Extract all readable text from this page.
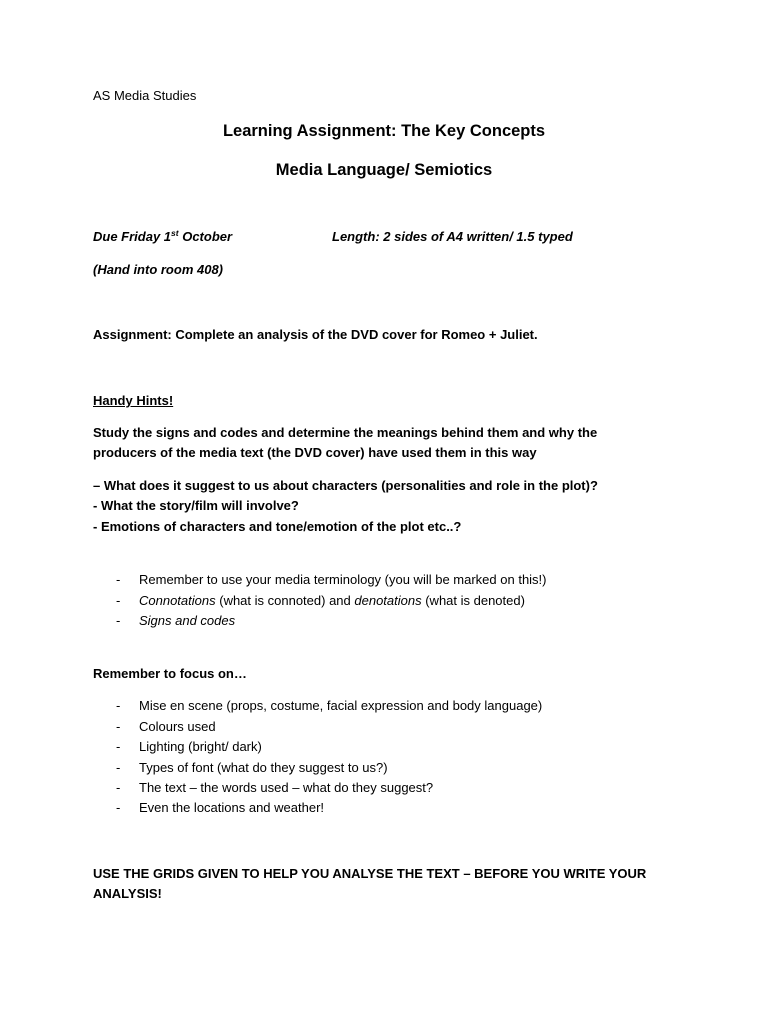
AS Media Studies
Learning Assignment: The Key Concepts
Media Language/ Semiotics
Due Friday 1st October	Length: 2 sides of A4 written/ 1.5 typed
(Hand into room 408)
Assignment: Complete an analysis of the DVD cover for Romeo + Juliet.
Handy Hints!
Study the signs and codes and determine the meanings behind them and why the
producers of the media text (the DVD cover) have used them in this way
– What does it suggest to us about characters (personalities and role in the plot)?
- What the story/film will involve?
- Emotions of characters and tone/emotion of the plot etc..?
- Remember to use your media terminology (you will be marked on this!)
- Connotations (what is connoted) and denotations (what is denoted)
- Signs and codes
Remember to focus on…
- Mise en scene (props, costume, facial expression and body language)
- Colours used
- Lighting (bright/ dark)
- Types of font (what do they suggest to us?)
- The text – the words used – what do they suggest?
- Even the locations and weather!
USE THE GRIDS GIVEN TO HELP YOU ANALYSE THE TEXT – BEFORE YOU WRITE YOUR
ANALYSIS!
